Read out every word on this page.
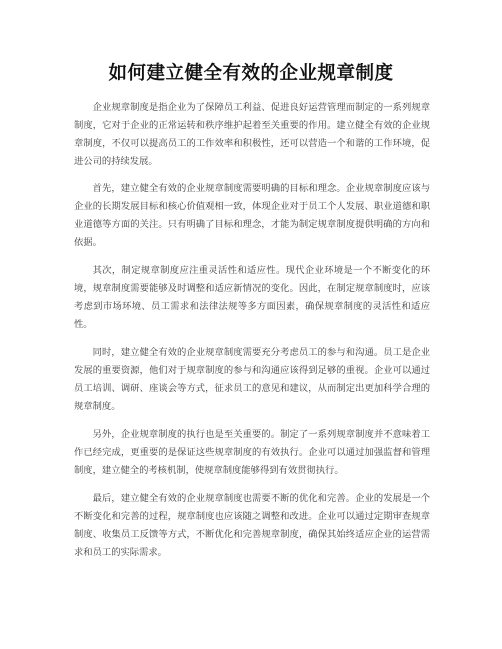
如何建立健全有效的企业规章制度

企业规章制度是指企业为了保障员工利益、促进良好运营管理而制定的一系列规章制度，它对于企业的正常运转和秩序维护起着至关重要的作用。建立健全有效的企业规章制度，不仅可以提高员工的工作效率和积极性，还可以营造一个和谐的工作环境，促进公司的持续发展。

首先，建立健全有效的企业规章制度需要明确的目标和理念。企业规章制度应该与企业的长期发展目标和核心价值观相一致，体现企业对于员工个人发展、职业道德和职业道德等方面的关注。只有明确了目标和理念，才能为制定规章制度提供明确的方向和依据。

其次，制定规章制度应注重灵活性和适应性。现代企业环境是一个不断变化的环境，规章制度需要能够及时调整和适应新情况的变化。因此，在制定规章制度时，应该考虑到市场环境、员工需求和法律法规等多方面因素，确保规章制度的灵活性和适应性。

同时，建立健全有效的企业规章制度需要充分考虑员工的参与和沟通。员工是企业发展的重要资源，他们对于规章制度的参与和沟通应该得到足够的重视。企业可以通过员工培训、调研、座谈会等方式，征求员工的意见和建议，从而制定出更加科学合理的规章制度。

另外，企业规章制度的执行也是至关重要的。制定了一系列规章制度并不意味着工作已经完成，更重要的是保证这些规章制度的有效执行。企业可以通过加强监督和管理制度，建立健全的考核机制，使规章制度能够得到有效贯彻执行。

最后，建立健全有效的企业规章制度也需要不断的优化和完善。企业的发展是一个不断变化和完善的过程，规章制度也应该随之调整和改进。企业可以通过定期审查规章制度、收集员工反馈等方式，不断优化和完善规章制度，确保其始终适应企业的运营需求和员工的实际需求。
